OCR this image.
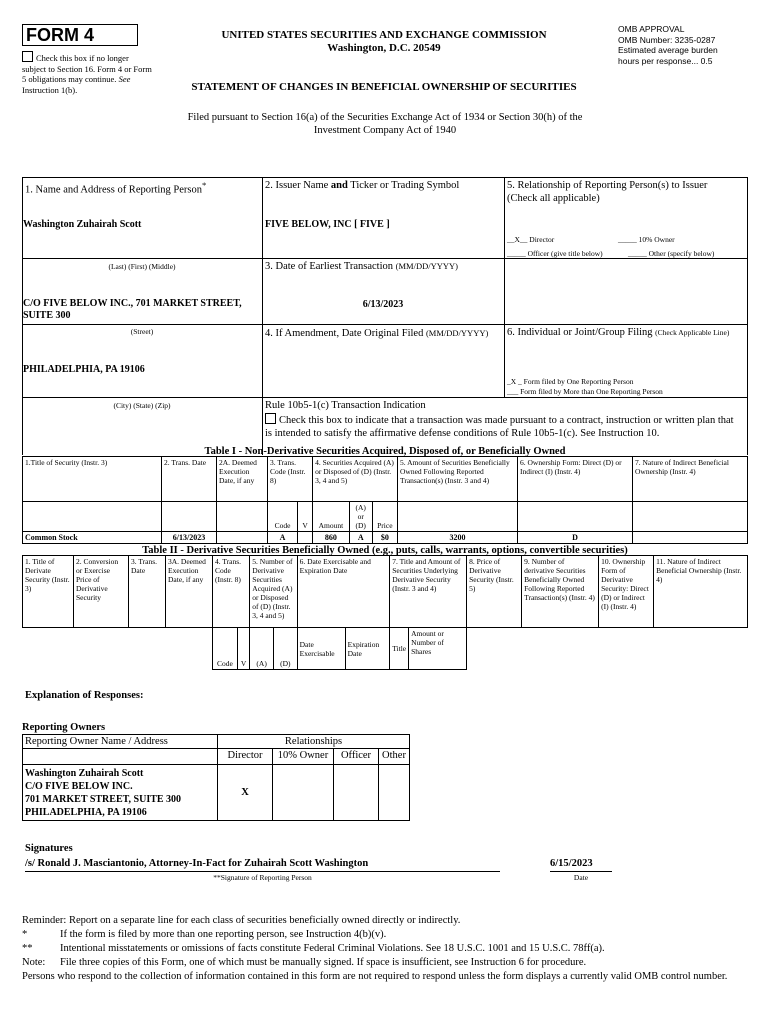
FORM 4
Check this box if no longer subject to Section 16. Form 4 or Form 5 obligations may continue. See Instruction 1(b).
UNITED STATES SECURITIES AND EXCHANGE COMMISSION
Washington, D.C. 20549
STATEMENT OF CHANGES IN BENEFICIAL OWNERSHIP OF SECURITIES
OMB APPROVAL
OMB Number: 3235-0287
Estimated average burden
hours per response... 0.5
Filed pursuant to Section 16(a) of the Securities Exchange Act of 1934 or Section 30(h) of the
Investment Company Act of 1940
1. Name and Address of Reporting Person*
Washington Zuhairah Scott
(Last) (First) (Middle)
C/O FIVE BELOW INC., 701 MARKET STREET, SUITE 300
(Street)
PHILADELPHIA, PA 19106
(City) (State) (Zip)
2. Issuer Name and Ticker or Trading Symbol
FIVE BELOW, INC [ FIVE ]
3. Date of Earliest Transaction (MM/DD/YYYY)
6/13/2023
4. If Amendment, Date Original Filed (MM/DD/YYYY)
5. Relationship of Reporting Person(s) to Issuer
(Check all applicable)
__X__ Director	_____ 10% Owner
_____ Officer (give title below)	_____ Other (specify below)
6. Individual or Joint/Group Filing (Check Applicable Line)
_X _ Form filed by One Reporting Person
___ Form filed by More than One Reporting Person
Rule 10b5-1(c) Transaction Indication
Check this box to indicate that a transaction was made pursuant to a contract, instruction or written plan that is intended to satisfy the affirmative defense conditions of Rule 10b5-1(c). See Instruction 10.
Table I - Non-Derivative Securities Acquired, Disposed of, or Beneficially Owned
1.Title of Security (Instr. 3)	2. Trans. Date	2A. Deemed Execution Date, if any	3. Trans. Code (Instr. 8)		4. Securities Acquired (A) or Disposed of (D) (Instr. 3, 4 and 5)			5. Amount of Securities Beneficially Owned Following Reported Transaction(s) (Instr. 3 and 4)	6. Ownership Form: Direct (D) or Indirect (I) (Instr. 4)	7. Nature of Indirect Beneficial Ownership (Instr. 4)
			Code	V	Amount	(A) or (D)	Price			
Common Stock	6/13/2023		A		860	A	$0	3200	D	
Table II - Derivative Securities Beneficially Owned (e.g., puts, calls, warrants, options, convertible securities)
1. Title of Derivate Security (Instr. 3)	2. Conversion or Exercise Price of Derivative Security	3. Trans. Date	3A. Deemed Execution Date, if any	4. Trans. Code (Instr. 8)		5. Number of Derivative Securities Acquired (A) or Disposed of (D) (Instr. 3, 4 and 5)		6. Date Exercisable and Expiration Date		7. Title and Amount of Securities Underlying Derivative Security (Instr. 3 and 4)		8. Price of Derivative Security (Instr. 5)	9. Number of derivative Securities Beneficially Owned Following Reported Transaction(s) (Instr. 4)	10. Ownership Form of Derivative Security: Direct (D) or Indirect (I) (Instr. 4)	11. Nature of Indirect Beneficial Ownership (Instr. 4)
				Code	V	(A)	(D)	Date Exercisable	Expiration Date	Title	Amount or Number of Shares				
Explanation of Responses:
Reporting Owners
Reporting Owner Name / Address	Relationships			
	Director	10% Owner	Officer	Other

Washington Zuhairah Scott
C/O FIVE BELOW INC.
701 MARKET STREET, SUITE 300
PHILADELPHIA, PA 19106	X			
Signatures
/s/ Ronald J. Masciantonio, Attorney-In-Fact for Zuhairah Scott Washington	6/15/2023
**Signature of Reporting Person	Date
Reminder: Report on a separate line for each class of securities beneficially owned directly or indirectly.
*	If the form is filed by more than one reporting person, see Instruction 4(b)(v).
**	Intentional misstatements or omissions of facts constitute Federal Criminal Violations. See 18 U.S.C. 1001 and 15 U.S.C. 78ff(a).
Note:	File three copies of this Form, one of which must be manually signed. If space is insufficient, see Instruction 6 for procedure.
Persons who respond to the collection of information contained in this form are not required to respond unless the form displays a currently valid OMB control number.
